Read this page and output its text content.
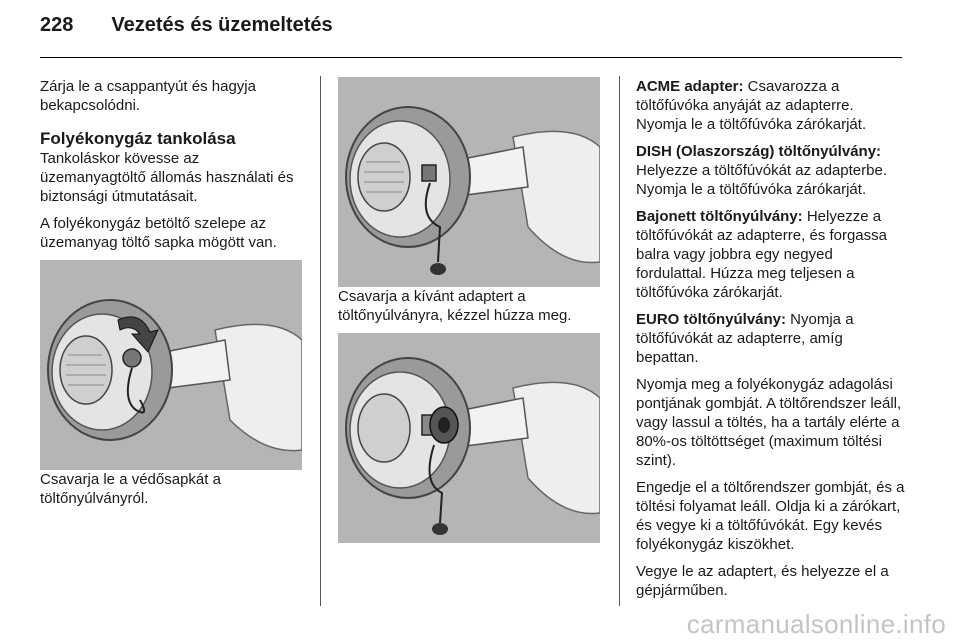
228 Vezetés és üzemeltetés

Zárja le a csappantyút és hagyja bekapcsolódni.

Folyékonygáz tankolása

Tankoláskor kövesse az üzemanyagtöltő állomás használati és biztonsági útmutatásait.

A folyékonygáz betöltő szelepe az üzemanyag töltő sapka mögött van.

Csavarja le a védősapkát a töltőnyúlványról.

Csavarja a kívánt adaptert a töltőnyúlványra, kézzel húzza meg.

ACME adapter: Csavarozza a töltőfúvóka anyáját az adapterre. Nyomja le a töltőfúvóka zárókarját.

DISH (Olaszország) töltőnyúlvány: Helyezze a töltőfúvókát az adapterbe. Nyomja le a töltőfúvóka zárókarját.

Bajonett töltőnyúlvány: Helyezze a töltőfúvókát az adapterre, és forgassa balra vagy jobbra egy negyed fordulattal. Húzza meg teljesen a töltőfúvóka zárókarját.

EURO töltőnyúlvány: Nyomja a töltőfúvókát az adapterre, amíg bepattan.

Nyomja meg a folyékonygáz adagolási pontjának gombját. A töltőrendszer leáll, vagy lassul a töltés, ha a tartály elérte a 80%-os töltöttséget (maximum töltési szint).

Engedje el a töltőrendszer gombját, és a töltési folyamat leáll. Oldja ki a zárókart, és vegye ki a töltőfúvókát. Egy kevés folyékonygáz kiszökhet.

Vegye le az adaptert, és helyezze el a gépjárműben.

carmanualsonline.info
